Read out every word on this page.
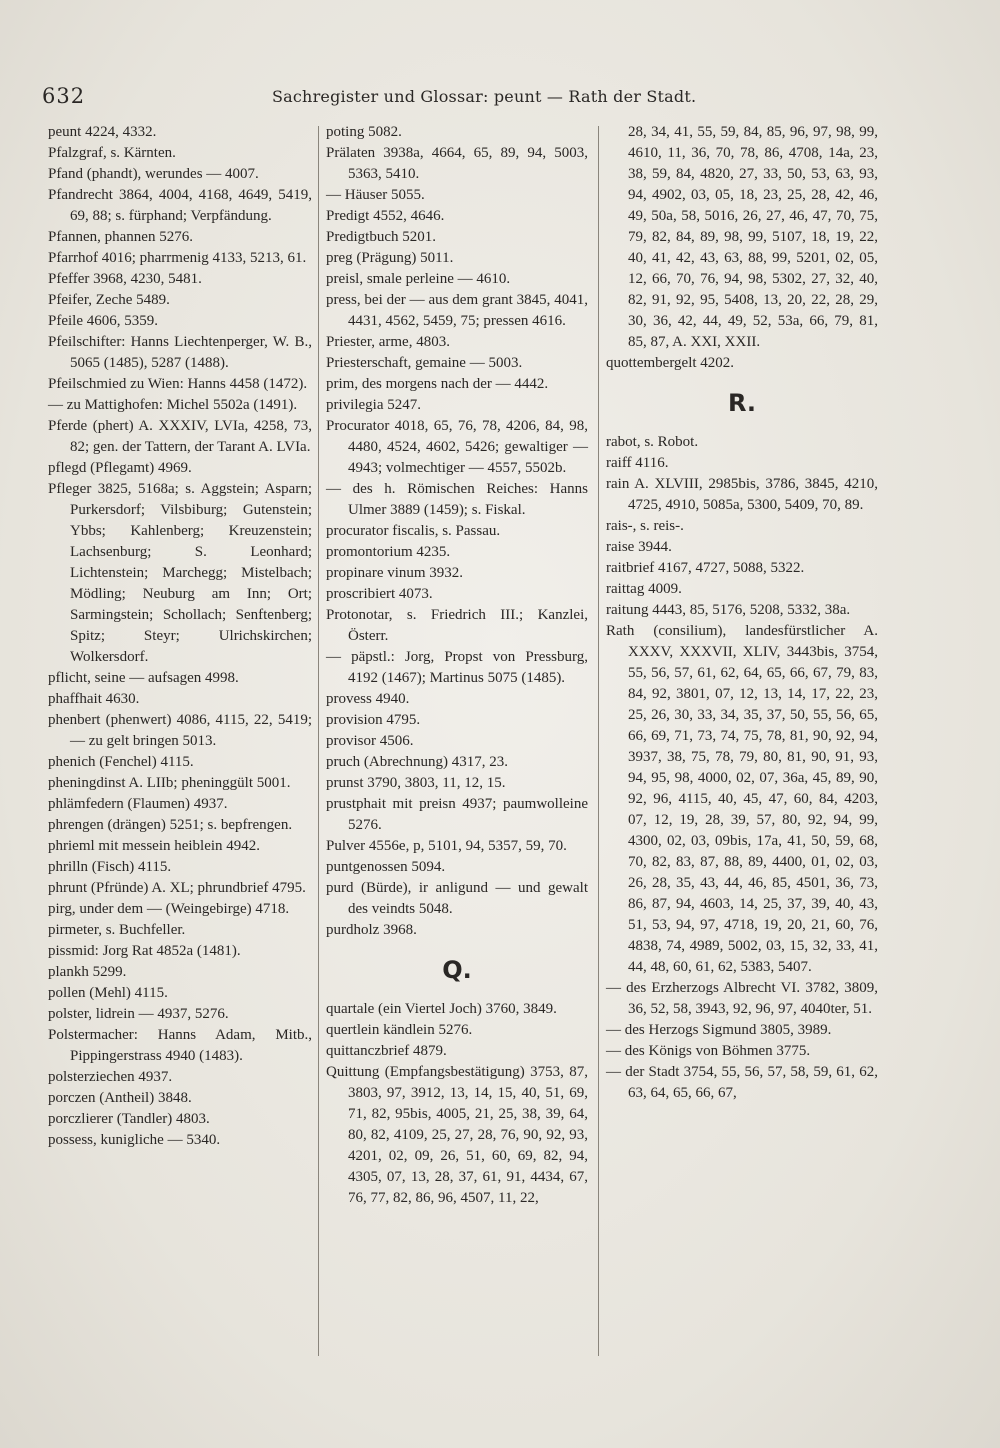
632	Sachregister und Glossar: peunt — Rath der Stadt.

peunt 4224, 4332.

Pfalzgraf, s. Kärnten.

Pfand (phandt), werundes — 4007.

Pfandrecht 3864, 4004, 4168, 4649, 5419, 69, 88; s. fürphand; Verpfändung.

Pfannen, phannen 5276.

Pfarrhof 4016; pharrmenig 4133, 5213, 61.

Pfeffer 3968, 4230, 5481.

Pfeifer, Zeche 5489.

Pfeile 4606, 5359.

Pfeilschifter: Hanns Liechtenperger, W. B., 5065 (1485), 5287 (1488).

Pfeilschmied zu Wien: Hanns 4458 (1472).

— zu Mattighofen: Michel 5502a (1491).

Pferde (phert) A. XXXIV, LVIa, 4258, 73, 82; gen. der Tattern, der Tarant A. LVIa.

pflegd (Pflegamt) 4969.

Pfleger 3825, 5168a; s. Aggstein; Asparn; Purkersdorf; Vilsbiburg; Gutenstein; Ybbs; Kahlenberg; Kreuzenstein; Lachsenburg; S. Leonhard; Lichtenstein; Marchegg; Mistelbach; Mödling; Neuburg am Inn; Ort; Sarmingstein; Schollach; Senftenberg; Spitz; Steyr; Ulrichskirchen; Wolkersdorf.

pflicht, seine — aufsagen 4998.

phaffhait 4630.

phenbert (phenwert) 4086, 4115, 22, 5419; — zu gelt bringen 5013.

phenich (Fenchel) 4115.

pheningdinst A. LIIb; pheninggült 5001.

phlämfedern (Flaumen) 4937.

phrengen (drängen) 5251; s. bepfrengen.

phrieml mit messein heiblein 4942.

phrilln (Fisch) 4115.

phrunt (Pfründe) A. XL; phrundbrief 4795.

pirg, under dem — (Weingebirge) 4718.

pirmeter, s. Buchfeller.

pissmid: Jorg Rat 4852a (1481).

plankh 5299.

pollen (Mehl) 4115.

polster, lidrein — 4937, 5276.

Polstermacher: Hanns Adam, Mitb., Pippingerstrass 4940 (1483).

polsterziechen 4937.

porczen (Antheil) 3848.

porczlierer (Tandler) 4803.

possess, kunigliche — 5340.

poting 5082.

Prälaten 3938a, 4664, 65, 89, 94, 5003, 5363, 5410.

— Häuser 5055.

Predigt 4552, 4646.

Predigtbuch 5201.

preg (Prägung) 5011.

preisl, smale perleine — 4610.

press, bei der — aus dem grant 3845, 4041, 4431, 4562, 5459, 75; pressen 4616.

Priester, arme, 4803.

Priesterschaft, gemaine — 5003.

prim, des morgens nach der — 4442.

privilegia 5247.

Procurator 4018, 65, 76, 78, 4206, 84, 98, 4480, 4524, 4602, 5426; gewaltiger — 4943; volmechtiger — 4557, 5502b.

— des h. Römischen Reiches: Hanns Ulmer 3889 (1459); s. Fiskal.

procurator fiscalis, s. Passau.

promontorium 4235.

propinare vinum 3932.

proscribiert 4073.

Protonotar, s. Friedrich III.; Kanzlei, Österr.

— päpstl.: Jorg, Propst von Pressburg, 4192 (1467); Martinus 5075 (1485).

provess 4940.

provision 4795.

provisor 4506.

pruch (Abrechnung) 4317, 23.

prunst 3790, 3803, 11, 12, 15.

prustphait mit preisn 4937; paumwolleine 5276.

Pulver 4556e, p, 5101, 94, 5357, 59, 70.

puntgenossen 5094.

purd (Bürde), ir anligund — und gewalt des veindts 5048.

purdholz 3968.

Q.

quartale (ein Viertel Joch) 3760, 3849.

quertlein kändlein 5276.

quittanczbrief 4879.

Quittung (Empfangsbestätigung) 3753, 87, 3803, 97, 3912, 13, 14, 15, 40, 51, 69, 71, 82, 95bis, 4005, 21, 25, 38, 39, 64, 80, 82, 4109, 25, 27, 28, 76, 90, 92, 93, 4201, 02, 09, 26, 51, 60, 69, 82, 94, 4305, 07, 13, 28, 37, 61, 91, 4434, 67, 76, 77, 82, 86, 96, 4507, 11, 22,

28, 34, 41, 55, 59, 84, 85, 96, 97, 98, 99, 4610, 11, 36, 70, 78, 86, 4708, 14a, 23, 38, 59, 84, 4820, 27, 33, 50, 53, 63, 93, 94, 4902, 03, 05, 18, 23, 25, 28, 42, 46, 49, 50a, 58, 5016, 26, 27, 46, 47, 70, 75, 79, 82, 84, 89, 98, 99, 5107, 18, 19, 22, 40, 41, 42, 43, 63, 88, 99, 5201, 02, 05, 12, 66, 70, 76, 94, 98, 5302, 27, 32, 40, 82, 91, 92, 95, 5408, 13, 20, 22, 28, 29, 30, 36, 42, 44, 49, 52, 53a, 66, 79, 81, 85, 87, A. XXI, XXII.

quottembergelt 4202.

R.

rabot, s. Robot.

raiff 4116.

rain A. XLVIII, 2985bis, 3786, 3845, 4210, 4725, 4910, 5085a, 5300, 5409, 70, 89.

rais-, s. reis-.

raise 3944.

raitbrief 4167, 4727, 5088, 5322.

raittag 4009.

raitung 4443, 85, 5176, 5208, 5332, 38a.

Rath (consilium), landesfürstlicher A. XXXV, XXXVII, XLIV, 3443bis, 3754, 55, 56, 57, 61, 62, 64, 65, 66, 67, 79, 83, 84, 92, 3801, 07, 12, 13, 14, 17, 22, 23, 25, 26, 30, 33, 34, 35, 37, 50, 55, 56, 65, 66, 69, 71, 73, 74, 75, 78, 81, 90, 92, 94, 3937, 38, 75, 78, 79, 80, 81, 90, 91, 93, 94, 95, 98, 4000, 02, 07, 36a, 45, 89, 90, 92, 96, 4115, 40, 45, 47, 60, 84, 4203, 07, 12, 19, 28, 39, 57, 80, 92, 94, 99, 4300, 02, 03, 09bis, 17a, 41, 50, 59, 68, 70, 82, 83, 87, 88, 89, 4400, 01, 02, 03, 26, 28, 35, 43, 44, 46, 85, 4501, 36, 73, 86, 87, 94, 4603, 14, 25, 37, 39, 40, 43, 51, 53, 94, 97, 4718, 19, 20, 21, 60, 76, 4838, 74, 4989, 5002, 03, 15, 32, 33, 41, 44, 48, 60, 61, 62, 5383, 5407.

— des Erzherzogs Albrecht VI. 3782, 3809, 36, 52, 58, 3943, 92, 96, 97, 4040ter, 51.

— des Herzogs Sigmund 3805, 3989.

— des Königs von Böhmen 3775.

— der Stadt 3754, 55, 56, 57, 58, 59, 61, 62, 63, 64, 65, 66, 67,
